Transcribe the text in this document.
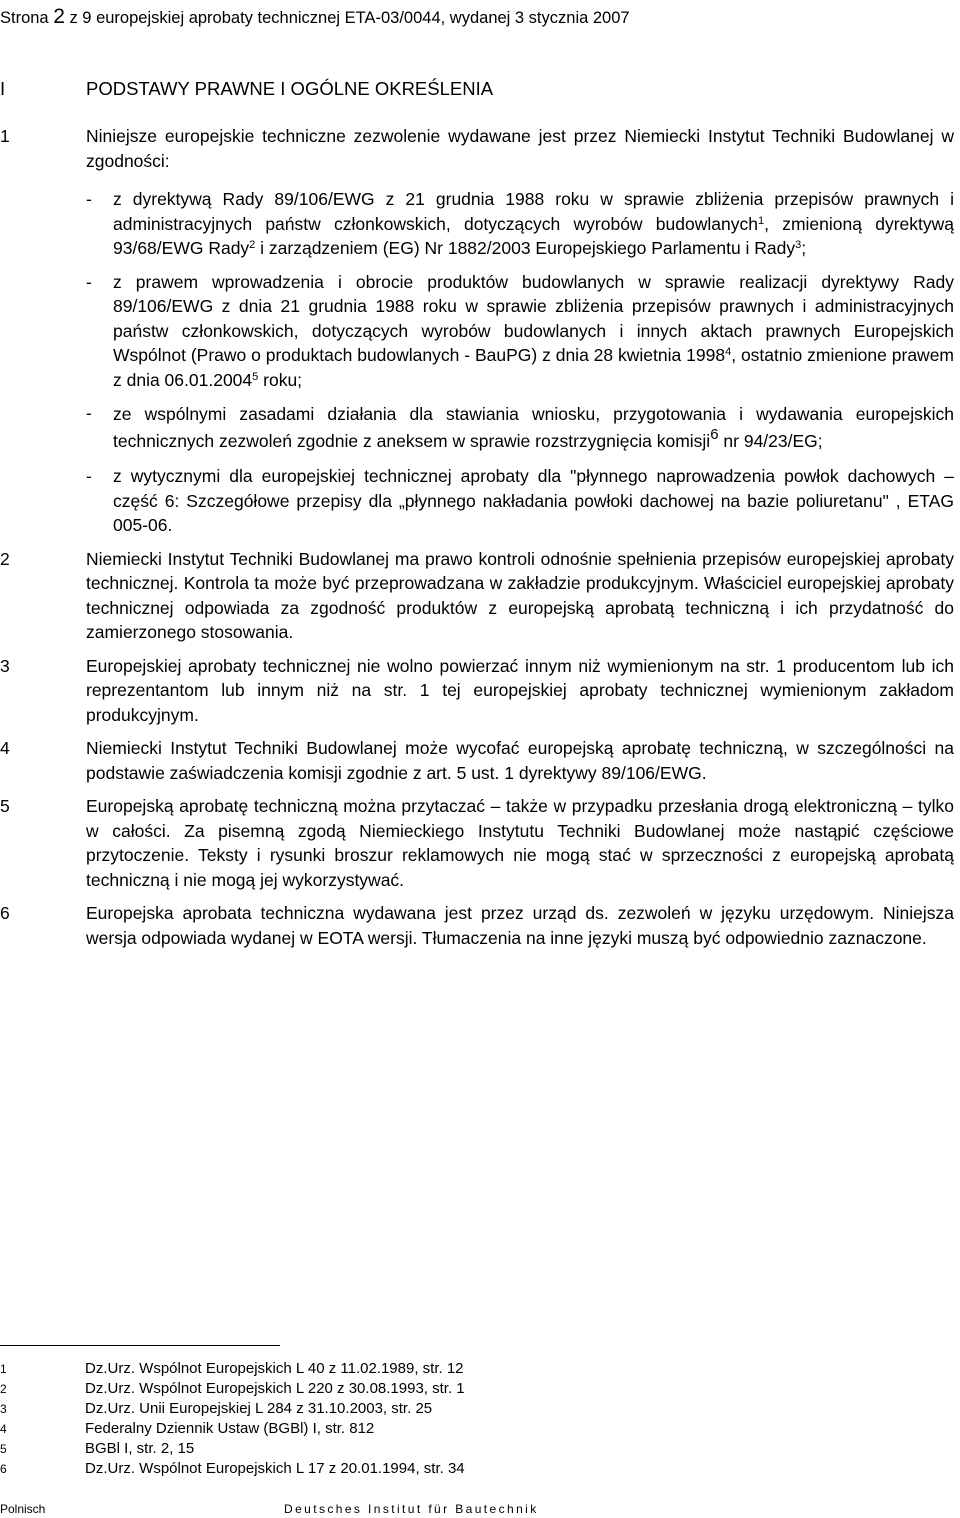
Strona 2 z 9 europejskiej aprobaty technicznej ETA-03/0044, wydanej 3 stycznia 2007
I	PODSTAWY PRAWNE I OGÓLNE OKREŚLENIA
1	Niniejsze europejskie techniczne zezwolenie wydawane jest przez Niemiecki Instytut Techniki Budowlanej w zgodności:
- z dyrektywą Rady 89/106/EWG z 21 grudnia 1988 roku w sprawie zbliżenia przepisów prawnych i administracyjnych państw członkowskich, dotyczących wyrobów budowlanych$^1$, zmienioną dyrektywą 93/68/EWG Rady$^2$ i zarządzeniem (EG) Nr 1882/2003 Europejskiego Parlamentu i Rady$^3$;
- z prawem wprowadzenia i obrocie produktów budowlanych w sprawie realizacji dyrektywy Rady 89/106/EWG z dnia 21 grudnia 1988 roku w sprawie zbliżenia przepisów prawnych i administracyjnych państw członkowskich, dotyczących wyrobów budowlanych i innych aktach prawnych Europejskich Wspólnot (Prawo o produktach budowlanych - BauPG) z dnia 28 kwietnia 1998$^4$, ostatnio zmienione prawem z dnia 06.01.2004$^5$ roku;
- ze wspólnymi zasadami działania dla stawiania wniosku, przygotowania i wydawania europejskich technicznych zezwoleń zgodnie z aneksem w sprawie rozstrzygnięcia komisji$^6$ nr 94/23/EG;
- z wytycznymi dla europejskiej technicznej aprobaty dla "płynnego naprowadzenia powłok dachowych – część 6: Szczegółowe przepisy dla „płynnego nakładania powłoki dachowej na bazie poliuretanu" , ETAG 005-06.
2	Niemiecki Instytut Techniki Budowlanej ma prawo kontroli odnośnie spełnienia przepisów europejskiej aprobaty technicznej. Kontrola ta może być przeprowadzana w zakładzie produkcyjnym. Właściciel europejskiej aprobaty technicznej odpowiada za zgodność produktów z europejską aprobatą techniczną i ich przydatność do zamierzonego stosowania.
3	Europejskiej aprobaty technicznej nie wolno powierzać innym niż wymienionym na str. 1 producentom lub ich reprezentantom lub innym niż na str. 1 tej europejskiej aprobaty technicznej wymienionym zakładom produkcyjnym.
4	Niemiecki Instytut Techniki Budowlanej może wycofać europejską aprobatę techniczną, w szczególności na podstawie zaświadczenia komisji zgodnie z art. 5 ust. 1 dyrektywy 89/106/EWG.
5	Europejską aprobatę techniczną można przytaczać – także w przypadku przesłania drogą elektroniczną – tylko w całości. Za pisemną zgodą Niemieckiego Instytutu Techniki Budowlanej może nastąpić częściowe przytoczenie. Teksty i rysunki broszur reklamowych nie mogą stać w sprzeczności z europejską aprobatą techniczną i nie mogą jej wykorzystywać.
6	Europejska aprobata techniczna wydawana jest przez urząd ds. zezwoleń w języku urzędowym. Niniejsza wersja odpowiada wydanej w EOTA wersji. Tłumaczenia na inne języki muszą być odpowiednio zaznaczone.
1	Dz.Urz. Wspólnot Europejskich L 40 z 11.02.1989, str. 12
2	Dz.Urz. Wspólnot Europejskich L 220 z 30.08.1993, str. 1
3	Dz.Urz. Unii Europejskiej L 284 z 31.10.2003, str. 25
4	Federalny Dziennik Ustaw (BGBl) I, str. 812
5	BGBl I, str. 2, 15
6	Dz.Urz. Wspólnot Europejskich L 17 z 20.01.1994, str. 34
Polnisch	Deutsches Institut für Bautechnik
